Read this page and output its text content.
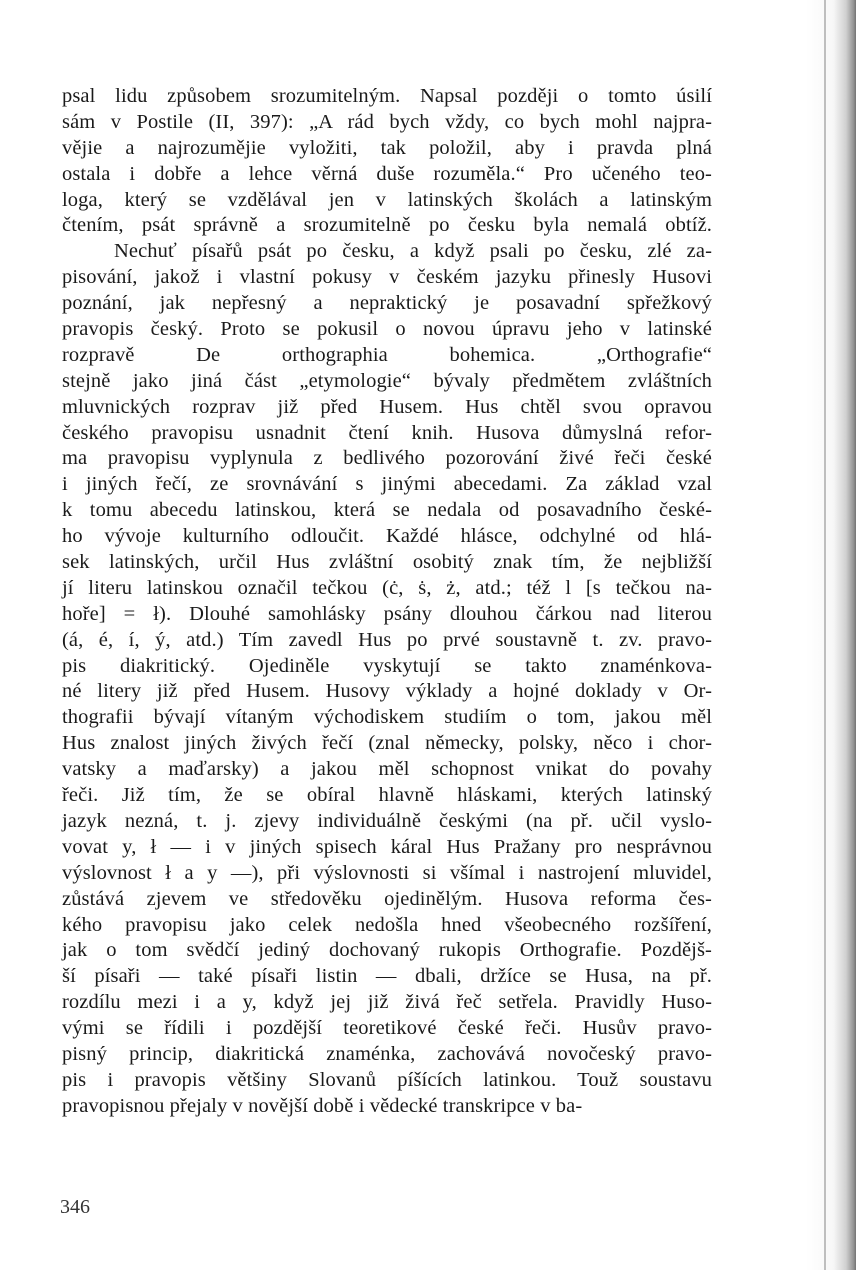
psal lidu způsobem srozumitelným. Napsal později o tomto úsilí
sám v Postile (II, 397): „A rád bych vždy, co bych mohl najpra-
vějie a najrozumějie vyložiti, tak položil, aby i pravda plná
ostala i dobře a lehce věrná duše rozuměla.“ Pro učeného teo-
loga, který se vzdělával jen v latinských školách a latinským
čtením, psát správně a srozumitelně po česku byla nemalá obtíž.
Nechuť písařů psát po česku, a když psali po česku, zlé za-
pisování, jakož i vlastní pokusy v českém jazyku přinesly Husovi
poznání, jak nepřesný a nepraktický je posavadní spřežkový
pravopis český. Proto se pokusil o novou úpravu jeho v latinské
rozpravě De orthographia bohemica. „Orthografie“
stejně jako jiná část „etymologie“ bývaly předmětem zvláštních
mluvnických rozprav již před Husem. Hus chtěl svou opravou
českého pravopisu usnadnit čtení knih. Husova důmyslná refor-
ma pravopisu vyplynula z bedlivého pozorování živé řeči české
i jiných řečí, ze srovnávání s jinými abecedami. Za základ vzal
k tomu abecedu latinskou, která se nedala od posavadního české-
ho vývoje kulturního odloučit. Každé hlásce, odchylné od hlá-
sek latinských, určil Hus zvláštní osobitý znak tím, že nejbližší
jí literu latinskou označil tečkou (ċ, ṡ, ż, atd.; též l [s tečkou na-
hoře] = ł). Dlouhé samohlásky psány dlouhou čárkou nad literou
(á, é, í, ý, atd.) Tím zavedl Hus po prvé soustavně t. zv. pravo-
pis diakritický. Ojediněle vyskytují se takto znaménkova-
né litery již před Husem. Husovy výklady a hojné doklady v Or-
thografii bývají vítaným východiskem studiím o tom, jakou měl
Hus znalost jiných živých řečí (znal německy, polsky, něco i chor-
vatsky a maďarsky) a jakou měl schopnost vnikat do povahy
řeči. Již tím, že se obíral hlavně hláskami, kterých latinský
jazyk nezná, t. j. zjevy individuálně českými (na př. učil vyslo-
vovat y, ł — i v jiných spisech káral Hus Pražany pro nesprávnou
výslovnost ł a y —), při výslovnosti si všímal i nastrojení mluvidel,
zůstává zjevem ve středověku ojedinělým. Husova reforma čes-
kého pravopisu jako celek nedošla hned všeobecného rozšíření,
jak o tom svědčí jediný dochovaný rukopis Orthografie. Pozdějš-
ší písaři — také písaři listin — dbali, držíce se Husa, na př.
rozdílu mezi i a y, když jej již živá řeč setřela. Pravidly Huso-
vými se řídili i pozdější teoretikové české řeči. Husův pravo-
pisný princip, diakritická znaménka, zachovává novočeský pravo-
pis i pravopis většiny Slovanů píšících latinkou. Touž soustavu
pravopisnou přejaly v novější době i vědecké transkripce v ba-
346
